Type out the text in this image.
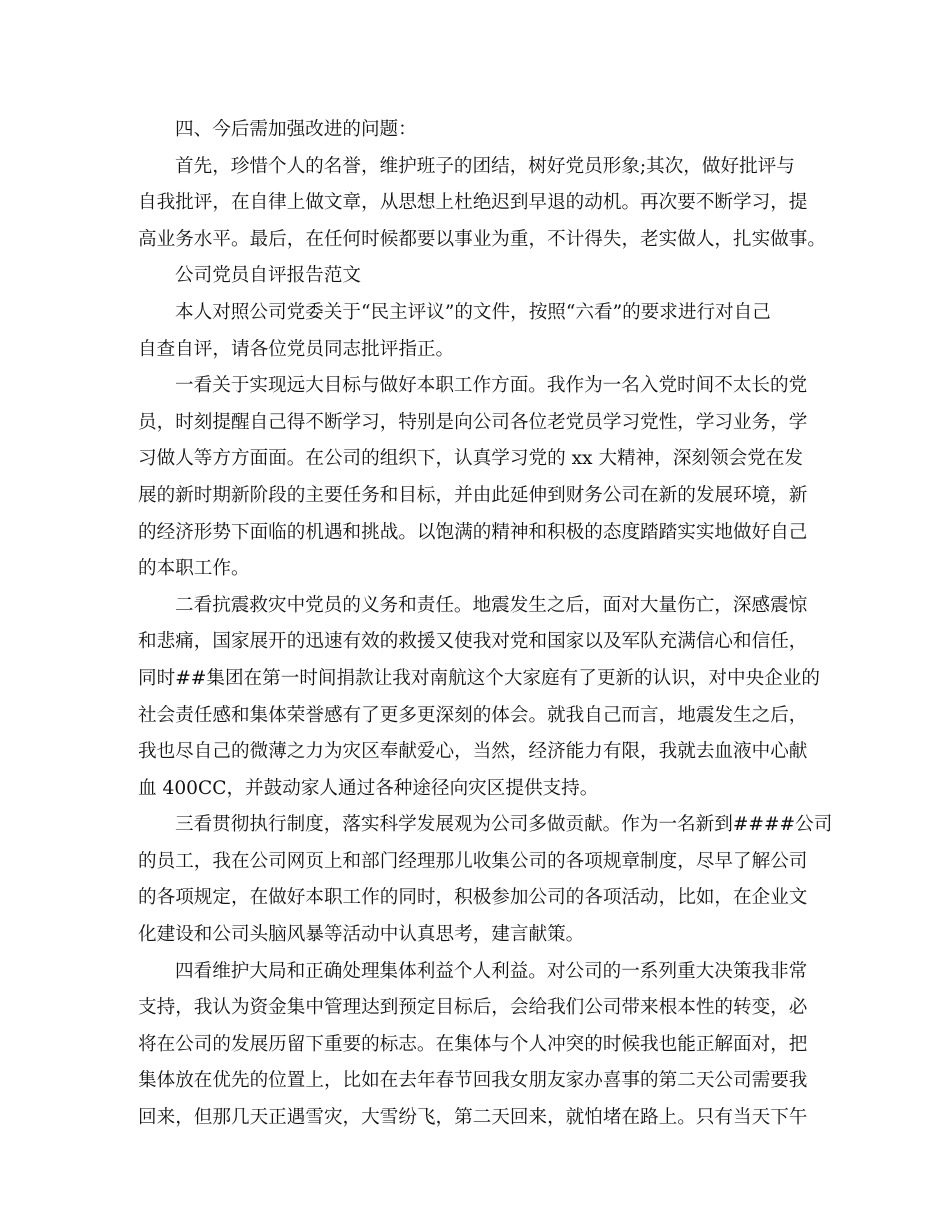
四、今后需加强改进的问题：

首先，珍惜个人的名誉，维护班子的团结，树好党员形象;其次，做好批评与
自我批评，在自律上做文章，从思想上杜绝迟到早退的动机。再次要不断学习，提
高业务水平。最后，在任何时候都要以事业为重，不计得失，老实做人，扎实做事。

公司党员自评报告范文

本人对照公司党委关于“民主评议”的文件，按照“六看”的要求进行对自己
自查自评，请各位党员同志批评指正。

一看关于实现远大目标与做好本职工作方面。我作为一名入党时间不太长的党
员，时刻提醒自己得不断学习，特别是向公司各位老党员学习党性，学习业务，学
习做人等方方面面。在公司的组织下，认真学习党的 xx 大精神，深刻领会党在发
展的新时期新阶段的主要任务和目标，并由此延伸到财务公司在新的发展环境，新
的经济形势下面临的机遇和挑战。以饱满的精神和积极的态度踏踏实实地做好自己
的本职工作。

二看抗震救灾中党员的义务和责任。地震发生之后，面对大量伤亡，深感震惊
和悲痛，国家展开的迅速有效的救援又使我对党和国家以及军队充满信心和信任，
同时##集团在第一时间捐款让我对南航这个大家庭有了更新的认识，对中央企业的
社会责任感和集体荣誉感有了更多更深刻的体会。就我自己而言，地震发生之后，
我也尽自己的微薄之力为灾区奉献爱心，当然，经济能力有限，我就去血液中心献
血 400CC，并鼓动家人通过各种途径向灾区提供支持。

三看贯彻执行制度，落实科学发展观为公司多做贡献。作为一名新到####公司
的员工，我在公司网页上和部门经理那儿收集公司的各项规章制度，尽早了解公司
的各项规定，在做好本职工作的同时，积极参加公司的各项活动，比如，在企业文
化建设和公司头脑风暴等活动中认真思考，建言献策。

四看维护大局和正确处理集体利益个人利益。对公司的一系列重大决策我非常
支持，我认为资金集中管理达到预定目标后，会给我们公司带来根本性的转变，必
将在公司的发展历留下重要的标志。在集体与个人冲突的时候我也能正解面对，把
集体放在优先的位置上，比如在去年春节回我女朋友家办喜事的第二天公司需要我
回来，但那几天正遇雪灾，大雪纷飞，第二天回来，就怕堵在路上。只有当天下午
